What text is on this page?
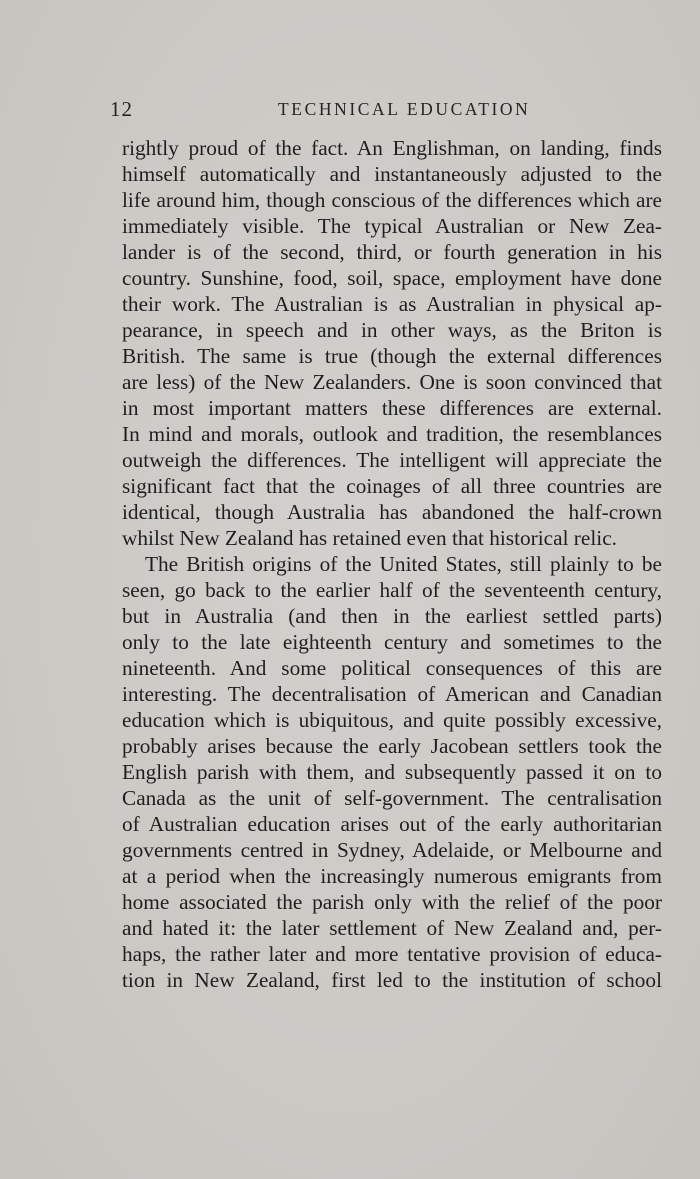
12	TECHNICAL EDUCATION
rightly proud of the fact. An Englishman, on landing, finds
himself automatically and instantaneously adjusted to the
life around him, though conscious of the differences which are
immediately visible. The typical Australian or New Zea-
lander is of the second, third, or fourth generation in his
country. Sunshine, food, soil, space, employment have done
their work. The Australian is as Australian in physical ap-
pearance, in speech and in other ways, as the Briton is
British. The same is true (though the external differences
are less) of the New Zealanders. One is soon convinced that
in most important matters these differences are external.
In mind and morals, outlook and tradition, the resemblances
outweigh the differences. The intelligent will appreciate the
significant fact that the coinages of all three countries are
identical, though Australia has abandoned the half-crown
whilst New Zealand has retained even that historical relic.
The British origins of the United States, still plainly to be
seen, go back to the earlier half of the seventeenth century,
but in Australia (and then in the earliest settled parts)
only to the late eighteenth century and sometimes to the
nineteenth. And some political consequences of this are
interesting. The decentralisation of American and Canadian
education which is ubiquitous, and quite possibly excessive,
probably arises because the early Jacobean settlers took the
English parish with them, and subsequently passed it on to
Canada as the unit of self-government. The centralisation
of Australian education arises out of the early authoritarian
governments centred in Sydney, Adelaide, or Melbourne and
at a period when the increasingly numerous emigrants from
home associated the parish only with the relief of the poor
and hated it: the later settlement of New Zealand and, per-
haps, the rather later and more tentative provision of educa-
tion in New Zealand, first led to the institution of school
